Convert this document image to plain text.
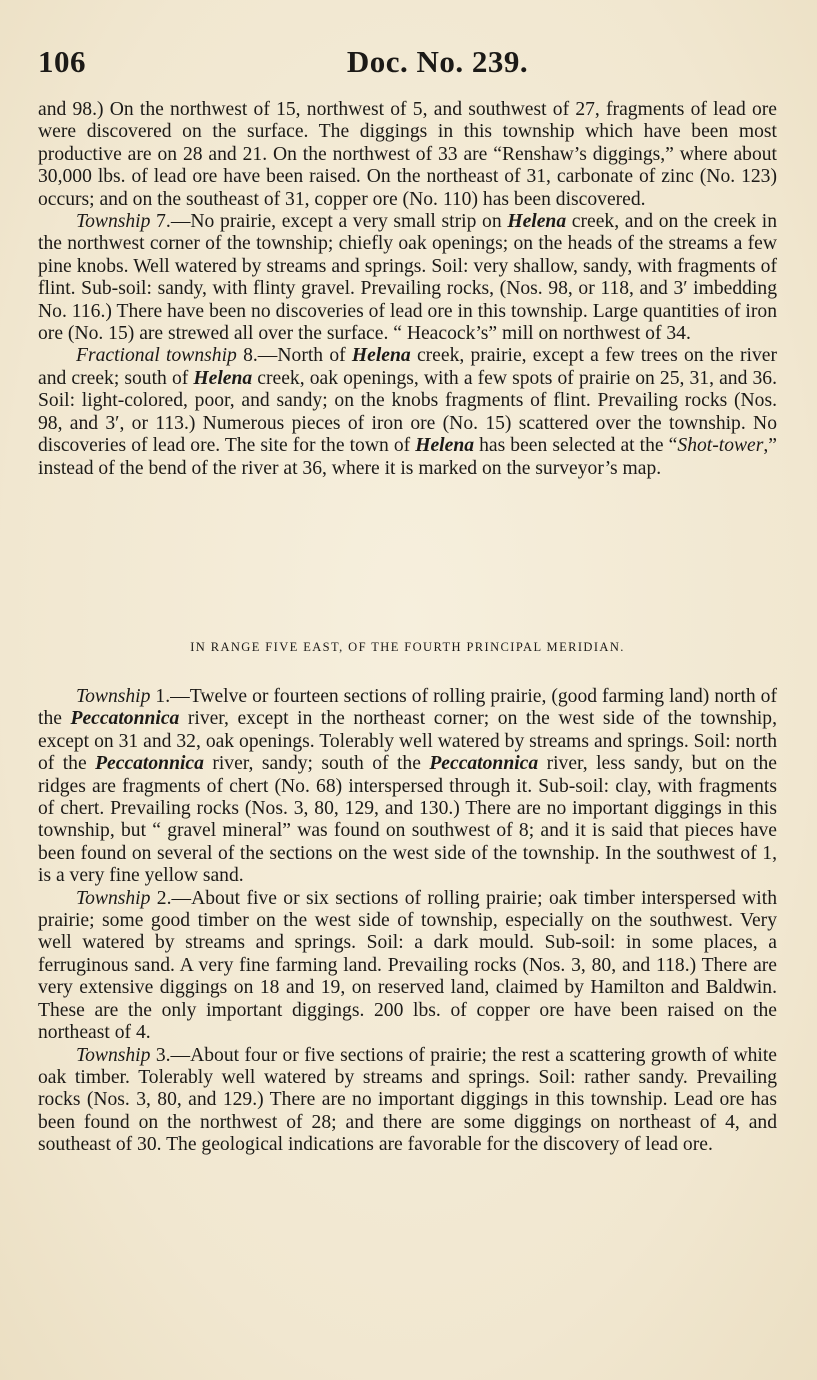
106	Doc. No. 239.

and 98.) On the northwest of 15, northwest of 5, and southwest of 27, fragments of lead ore were discovered on the surface. The diggings in this township which have been most productive are on 28 and 21. On the northwest of 33 are “Renshaw’s diggings,” where about 30,000 lbs. of lead ore have been raised. On the northeast of 31, carbonate of zinc (No. 123) occurs; and on the southeast of 31, copper ore (No. 110) has been discovered.

Township 7.—No prairie, except a very small strip on Helena creek, and on the creek in the northwest corner of the township; chiefly oak openings; on the heads of the streams a few pine knobs. Well watered by streams and springs. Soil: very shallow, sandy, with fragments of flint. Sub-soil: sandy, with flinty gravel. Prevailing rocks, (Nos. 98, or 118, and 3′ imbedding No. 116.) There have been no discoveries of lead ore in this township. Large quantities of iron ore (No. 15) are strewed all over the surface. “ Heacock’s” mill on northwest of 34.

Fractional township 8.—North of Helena creek, prairie, except a few trees on the river and creek; south of Helena creek, oak openings, with a few spots of prairie on 25, 31, and 36. Soil: light-colored, poor, and sandy; on the knobs fragments of flint. Prevailing rocks (Nos. 98, and 3′, or 113.) Numerous pieces of iron ore (No. 15) scattered over the township. No discoveries of lead ore. The site for the town of Helena has been selected at the “Shot-tower,” instead of the bend of the river at 36, where it is marked on the surveyor’s map.

IN RANGE FIVE EAST, OF THE FOURTH PRINCIPAL MERIDIAN.

Township 1.—Twelve or fourteen sections of rolling prairie, (good farming land) north of the Peccatonnica river, except in the northeast corner; on the west side of the township, except on 31 and 32, oak openings. Tolerably well watered by streams and springs. Soil: north of the Peccatonnica river, sandy; south of the Peccatonnica river, less sandy, but on the ridges are fragments of chert (No. 68) interspersed through it. Sub-soil: clay, with fragments of chert. Prevailing rocks (Nos. 3, 80, 129, and 130.) There are no important diggings in this township, but “ gravel mineral” was found on southwest of 8; and it is said that pieces have been found on several of the sections on the west side of the township. In the southwest of 1, is a very fine yellow sand.

Township 2.—About five or six sections of rolling prairie; oak timber interspersed with prairie; some good timber on the west side of township, especially on the southwest. Very well watered by streams and springs. Soil: a dark mould. Sub-soil: in some places, a ferruginous sand. A very fine farming land. Prevailing rocks (Nos. 3, 80, and 118.) There are very extensive diggings on 18 and 19, on reserved land, claimed by Hamilton and Baldwin. These are the only important diggings. 200 lbs. of copper ore have been raised on the northeast of 4.

Township 3.—About four or five sections of prairie; the rest a scattering growth of white oak timber. Tolerably well watered by streams and springs. Soil: rather sandy. Prevailing rocks (Nos. 3, 80, and 129.) There are no important diggings in this township. Lead ore has been found on the northwest of 28; and there are some diggings on northeast of 4, and southeast of 30. The geological indications are favorable for the discovery of lead ore.
